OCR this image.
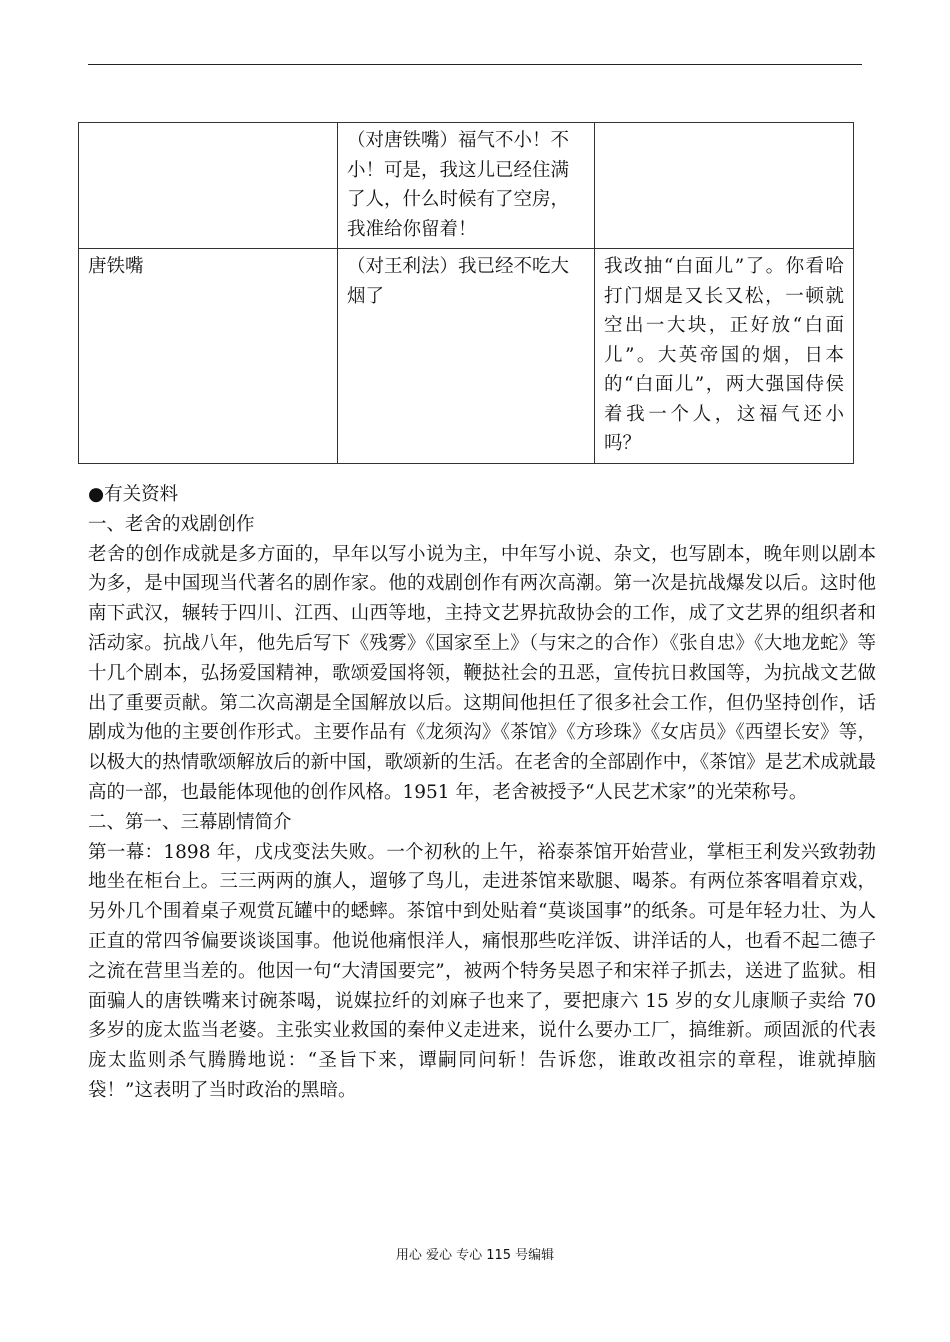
	（对唐铁嘴）福气不小！不小！可是，我这儿已经住满了人，什么时候有了空房，我准给你留着！	
唐铁嘴	（对王利法）我已经不吃大烟了	我改抽“白面儿”了。你看哈打门烟是又长又松，一顿就空出一大块，正好放“白面儿”。大英帝国的烟，日本的“白面儿”，两大强国侍侯着我一个人，这福气还小吗？

●有关资料

一、老舍的戏剧创作

老舍的创作成就是多方面的，早年以写小说为主，中年写小说、杂文，也写剧本，晚年则以剧本为多，是中国现当代著名的剧作家。他的戏剧创作有两次高潮。第一次是抗战爆发以后。这时他南下武汉，辗转于四川、江西、山西等地，主持文艺界抗敌协会的工作，成了文艺界的组织者和活动家。抗战八年，他先后写下《残雾》《国家至上》（与宋之的合作）《张自忠》《大地龙蛇》等十几个剧本，弘扬爱国精神，歌颂爱国将领，鞭挞社会的丑恶，宣传抗日救国等，为抗战文艺做出了重要贡献。第二次高潮是全国解放以后。这期间他担任了很多社会工作，但仍坚持创作，话剧成为他的主要创作形式。主要作品有《龙须沟》《茶馆》《方珍珠》《女店员》《西望长安》等，以极大的热情歌颂解放后的新中国，歌颂新的生活。在老舍的全部剧作中，《茶馆》是艺术成就最高的一部，也最能体现他的创作风格。1951 年，老舍被授予“人民艺术家”的光荣称号。

二、第一、三幕剧情简介

第一幕：1898 年，戊戌变法失败。一个初秋的上午，裕泰茶馆开始营业，掌柜王利发兴致勃勃地坐在柜台上。三三两两的旗人，遛够了鸟儿，走进茶馆来歇腿、喝茶。有两位茶客唱着京戏，另外几个围着桌子观赏瓦罐中的蟋蟀。茶馆中到处贴着“莫谈国事”的纸条。可是年轻力壮、为人正直的常四爷偏要谈谈国事。他说他痛恨洋人，痛恨那些吃洋饭、讲洋话的人，也看不起二德子之流在营里当差的。他因一句“大清国要完”，被两个特务吴恩子和宋祥子抓去，送进了监狱。相面骗人的唐铁嘴来讨碗茶喝，说媒拉纤的刘麻子也来了，要把康六 15 岁的女儿康顺子卖给 70 多岁的庞太监当老婆。主张实业救国的秦仲义走进来，说什么要办工厂，搞维新。顽固派的代表庞太监则杀气腾腾地说：“圣旨下来，谭嗣同问斩！告诉您，谁敢改祖宗的章程，谁就掉脑袋！”这表明了当时政治的黑暗。

用心 爱心 专心 115 号编辑
